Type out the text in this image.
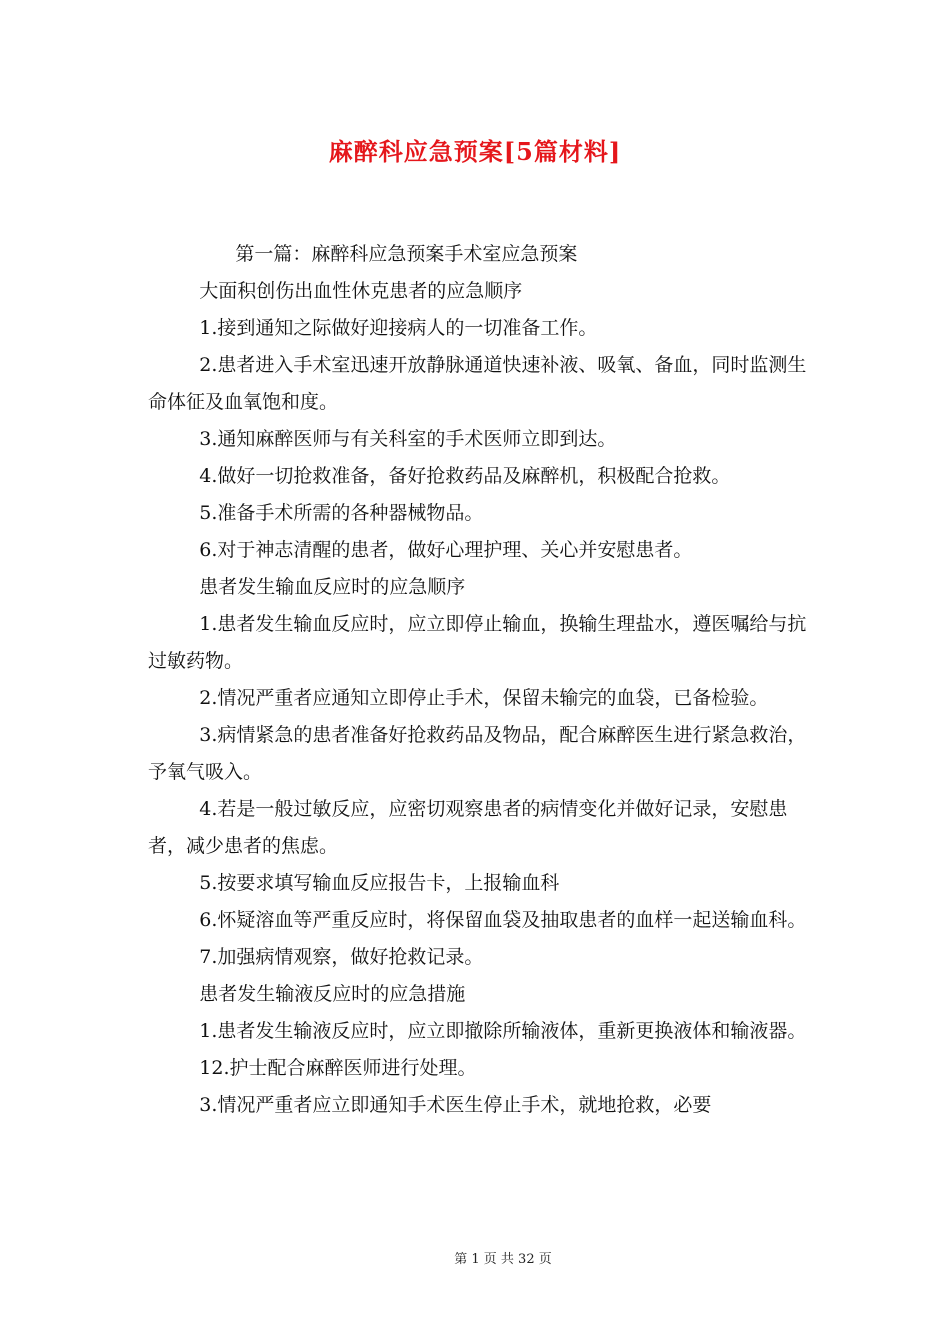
麻醉科应急预案[5篇材料]

第一篇：麻醉科应急预案手术室应急预案

大面积创伤出血性休克患者的应急顺序

1.接到通知之际做好迎接病人的一切准备工作。

2.患者进入手术室迅速开放静脉通道快速补液、吸氧、备血，同时监测生命体征及血氧饱和度。

3.通知麻醉医师与有关科室的手术医师立即到达。

4.做好一切抢救准备，备好抢救药品及麻醉机，积极配合抢救。

5.准备手术所需的各种器械物品。

6.对于神志清醒的患者，做好心理护理、关心并安慰患者。

患者发生输血反应时的应急顺序

1.患者发生输血反应时，应立即停止输血，换输生理盐水，遵医嘱给与抗过敏药物。

2.情况严重者应通知立即停止手术，保留未输完的血袋，已备检验。

3.病情紧急的患者准备好抢救药品及物品，配合麻醉医生进行紧急救治，予氧气吸入。

4.若是一般过敏反应，应密切观察患者的病情变化并做好记录，安慰患者，减少患者的焦虑。

5.按要求填写输血反应报告卡，上报输血科

6.怀疑溶血等严重反应时，将保留血袋及抽取患者的血样一起送输血科。

7.加强病情观察，做好抢救记录。

患者发生输液反应时的应急措施

1.患者发生输液反应时，应立即撤除所输液体，重新更换液体和输液器。

12.护士配合麻醉医师进行处理。

3.情况严重者应立即通知手术医生停止手术，就地抢救，必要

第 1 页 共 32 页
